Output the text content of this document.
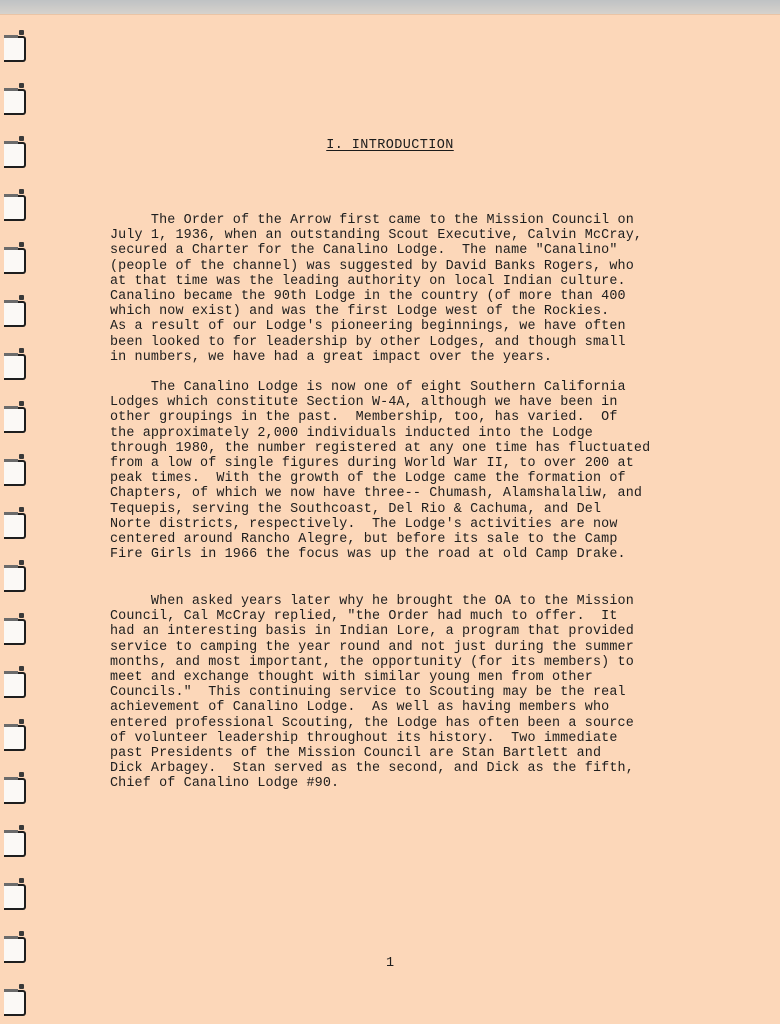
I. INTRODUCTION

The Order of the Arrow first came to the Mission Council on
July 1, 1936, when an outstanding Scout Executive, Calvin McCray,
secured a Charter for the Canalino Lodge.  The name "Canalino"
(people of the channel) was suggested by David Banks Rogers, who
at that time was the leading authority on local Indian culture.
Canalino became the 90th Lodge in the country (of more than 400
which now exist) and was the first Lodge west of the Rockies.
As a result of our Lodge's pioneering beginnings, we have often
been looked to for leadership by other Lodges, and though small
in numbers, we have had a great impact over the years.

The Canalino Lodge is now one of eight Southern California
Lodges which constitute Section W-4A, although we have been in
other groupings in the past.  Membership, too, has varied.  Of
the approximately 2,000 individuals inducted into the Lodge
through 1980, the number registered at any one time has fluctuated
from a low of single figures during World War II, to over 200 at
peak times.  With the growth of the Lodge came the formation of
Chapters, of which we now have three-- Chumash, Alamshalaliw, and
Tequepis, serving the Southcoast, Del Rio & Cachuma, and Del
Norte districts, respectively.  The Lodge's activities are now
centered around Rancho Alegre, but before its sale to the Camp
Fire Girls in 1966 the focus was up the road at old Camp Drake.

When asked years later why he brought the OA to the Mission
Council, Cal McCray replied, "the Order had much to offer.  It
had an interesting basis in Indian Lore, a program that provided
service to camping the year round and not just during the summer
months, and most important, the opportunity (for its members) to
meet and exchange thought with similar young men from other
Councils."  This continuing service to Scouting may be the real
achievement of Canalino Lodge.  As well as having members who
entered professional Scouting, the Lodge has often been a source
of volunteer leadership throughout its history.  Two immediate
past Presidents of the Mission Council are Stan Bartlett and
Dick Arbagey.  Stan served as the second, and Dick as the fifth,
Chief of Canalino Lodge #90.

1
